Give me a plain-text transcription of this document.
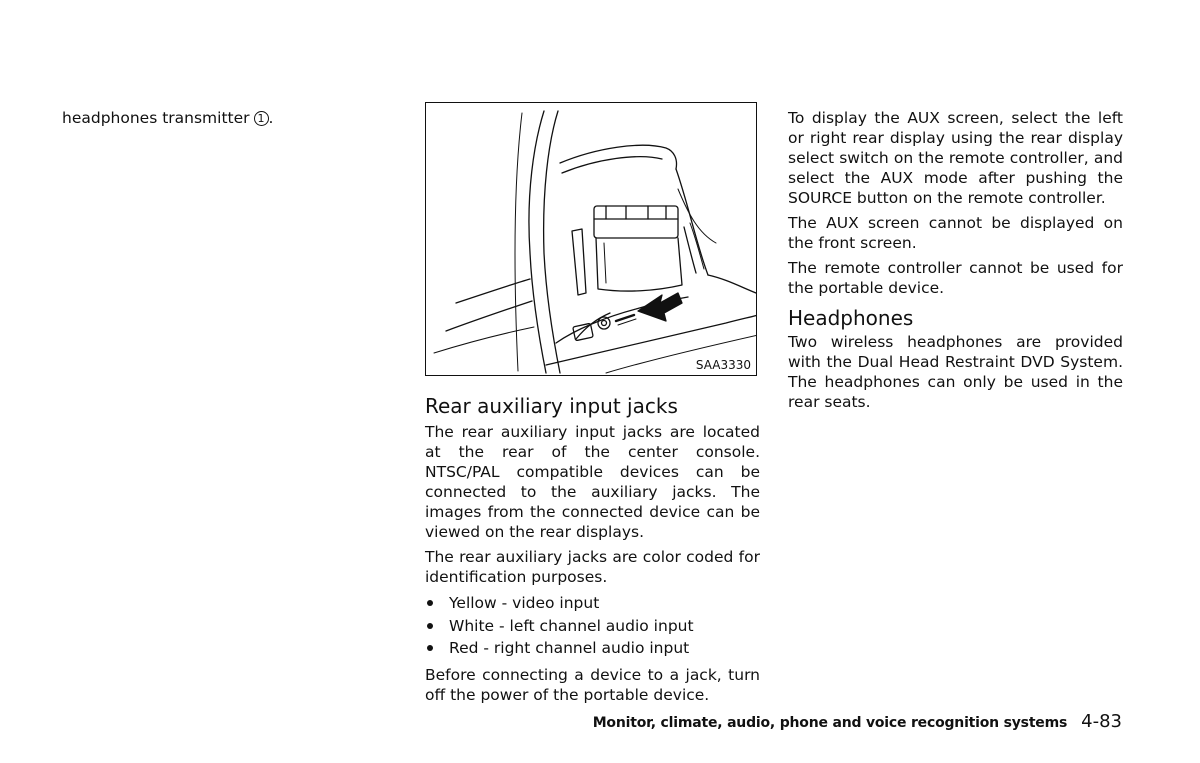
headphones transmitter 1 .

SAA3330
Rear auxiliary input jacks

The rear auxiliary input jacks are located at the rear of the center console. NTSC/PAL compatible devices can be connected to the auxiliary jacks. The images from the connected device can be viewed on the rear displays.

The rear auxiliary jacks are color coded for identification purposes.

Yellow - video input
White - left channel audio input
Red - right channel audio input

Before connecting a device to a jack, turn off the power of the portable device.

To display the AUX screen, select the left or right rear display using the rear display select switch on the remote controller, and select the AUX mode after pushing the SOURCE button on the remote controller.

The AUX screen cannot be displayed on the front screen.

The remote controller cannot be used for the portable device.

Headphones

Two wireless headphones are provided with the Dual Head Restraint DVD System. The headphones can only be used in the rear seats.

Monitor, climate, audio, phone and voice recognition systems 4-83
